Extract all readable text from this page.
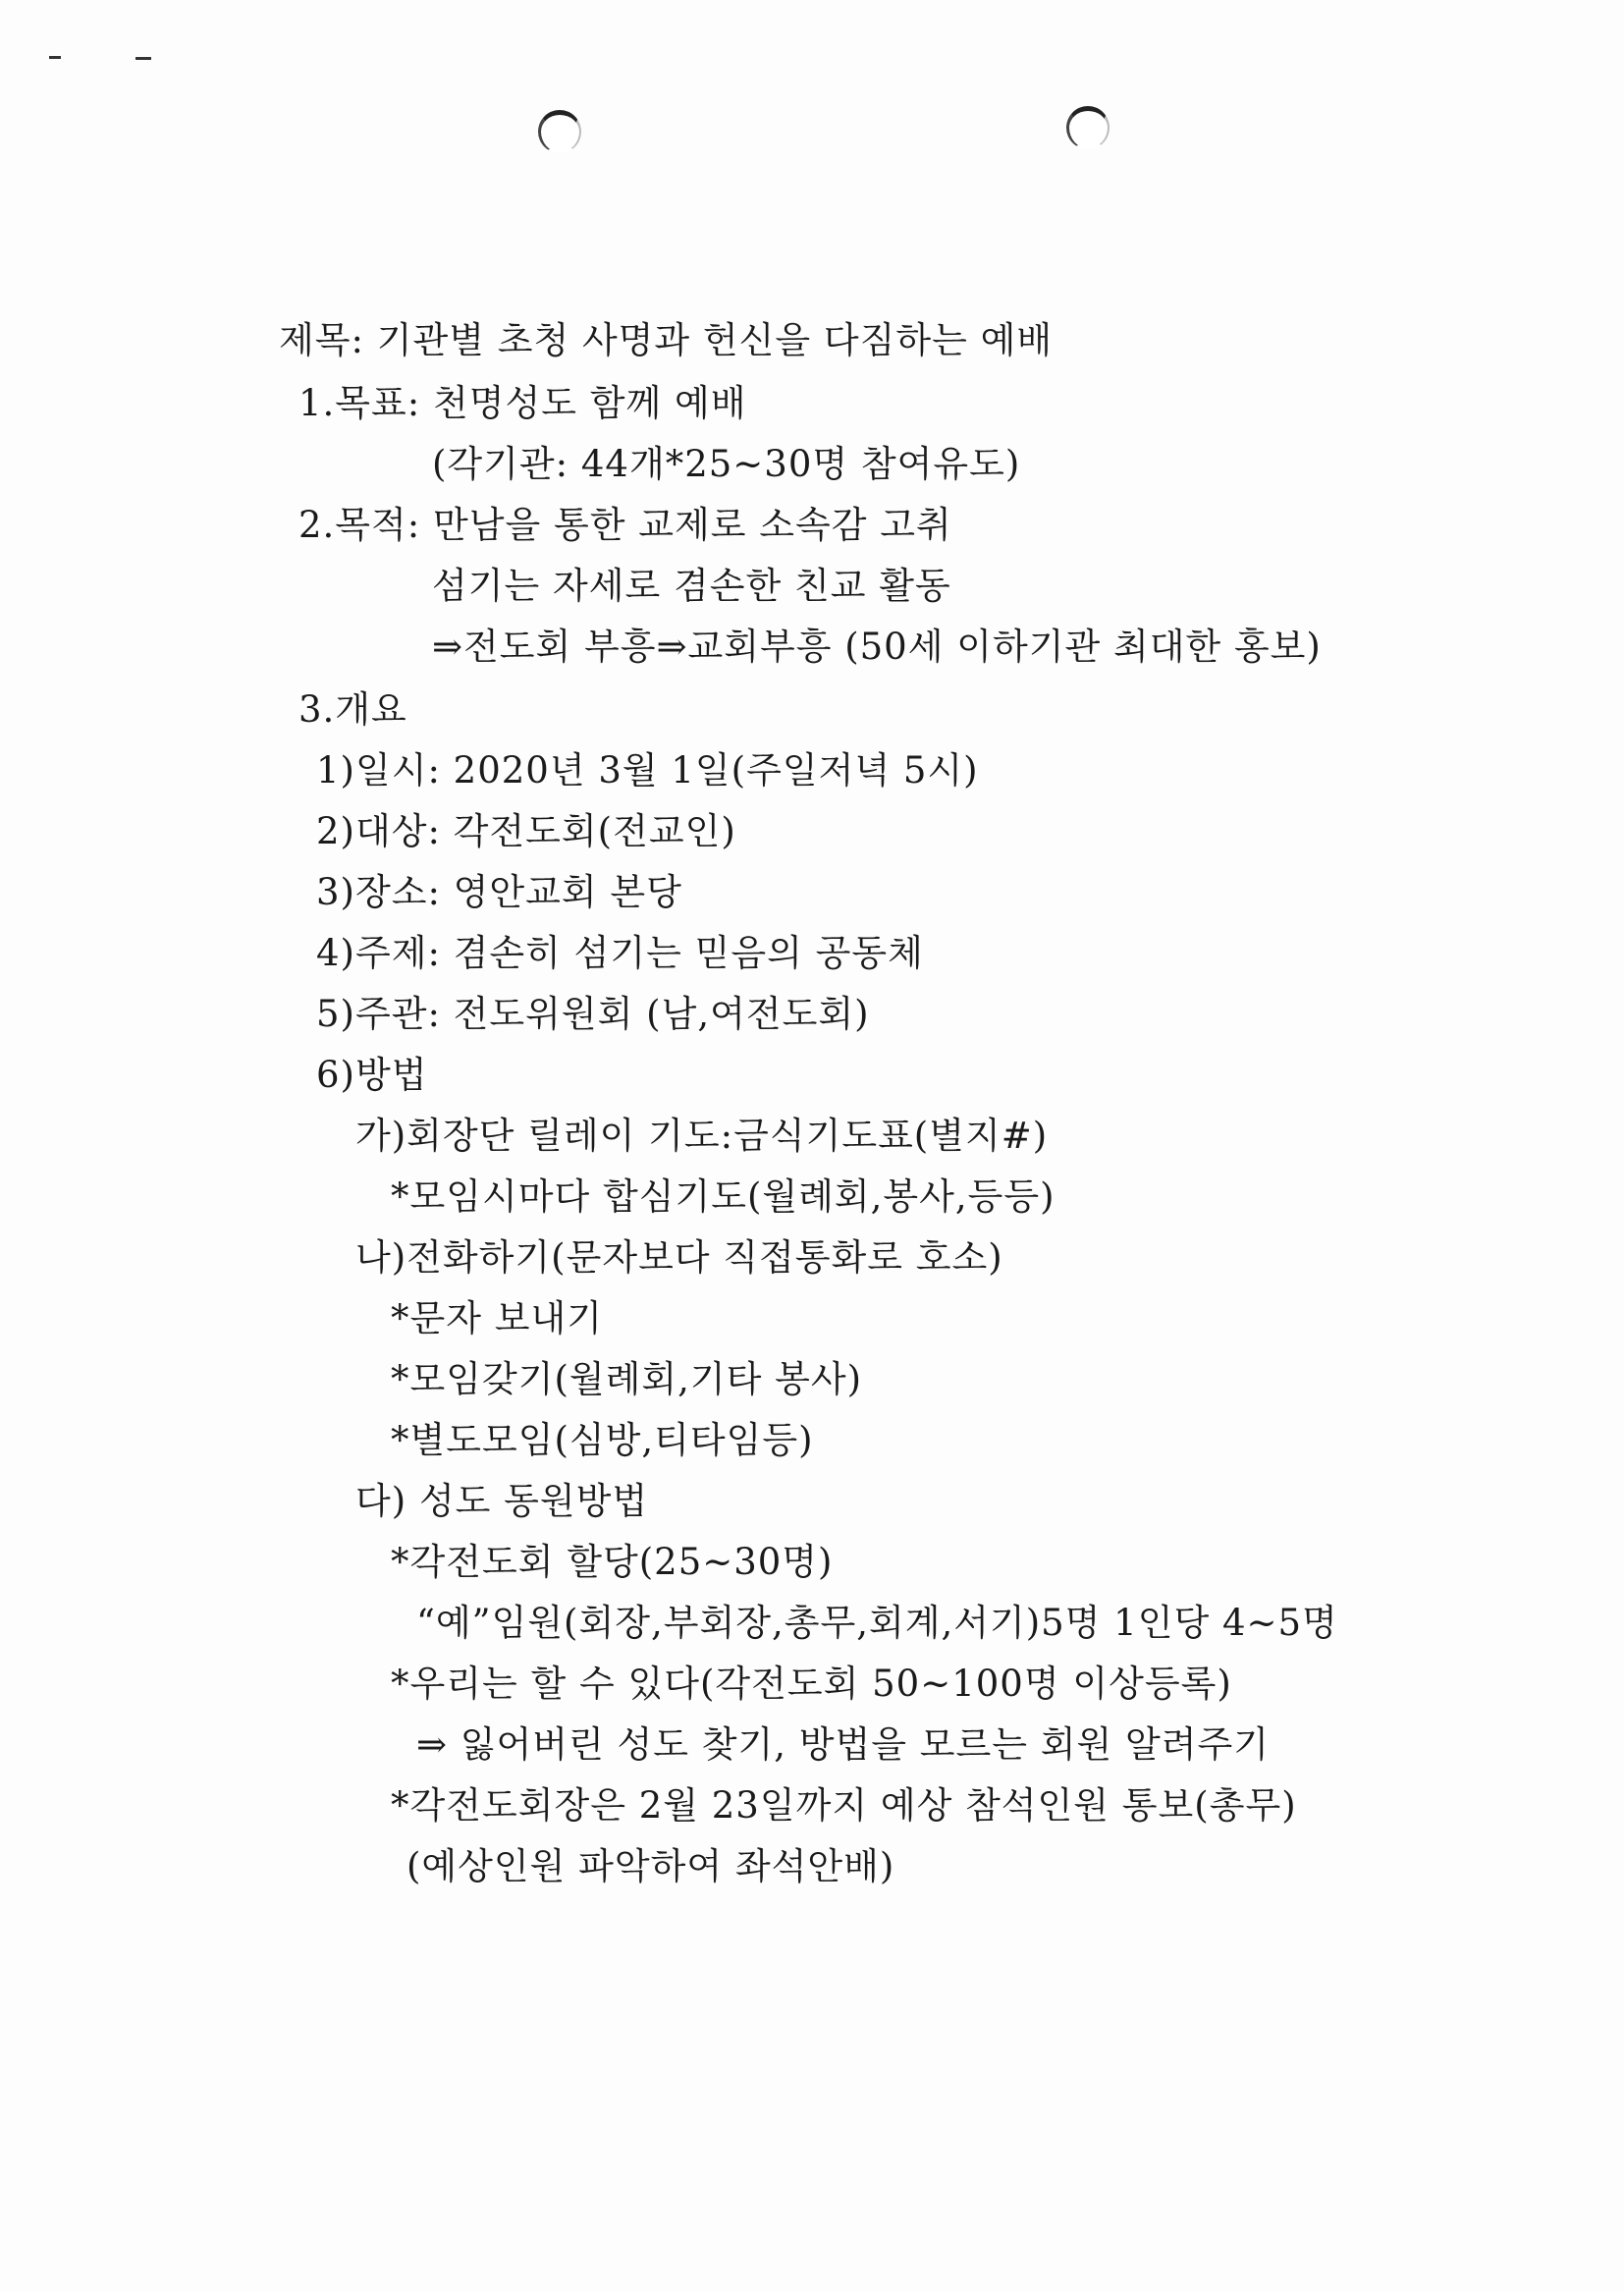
제목: 기관별 초청 사명과 헌신을 다짐하는 예배
1.목표: 천명성도 함께 예배
(각기관: 44개*25~30명 참여유도)
2.목적: 만남을 통한 교제로 소속감 고취
섬기는 자세로 겸손한 친교 활동
⇒전도회 부흥⇒교회부흥 (50세 이하기관 최대한 홍보)
3.개요
1)일시: 2020년 3월 1일(주일저녁 5시)
2)대상: 각전도회(전교인)
3)장소: 영안교회 본당
4)주제: 겸손히 섬기는 믿음의 공동체
5)주관: 전도위원회 (남,여전도회)
6)방법
가)회장단 릴레이 기도:금식기도표(별지#)
*모임시마다 합심기도(월례회,봉사,등등)
나)전화하기(문자보다 직접통화로 호소)
*문자 보내기
*모임갖기(월례회,기타 봉사)
*별도모임(심방,티타임등)
다) 성도 동원방법
*각전도회 할당(25~30명)
“예”임원(회장,부회장,총무,회계,서기)5명 1인당 4~5명
*우리는 할 수 있다(각전도회 50~100명 이상등록)
⇒ 잃어버린 성도 찾기, 방법을 모르는 회원 알려주기
*각전도회장은 2월 23일까지 예상 참석인원 통보(총무)
(예상인원 파악하여 좌석안배)
